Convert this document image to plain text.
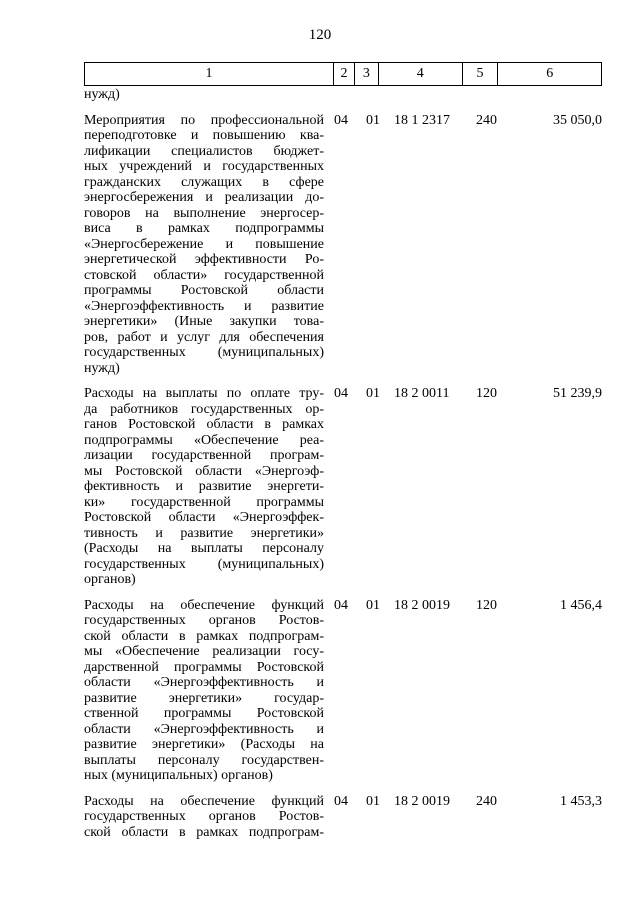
120
1	2	3	4	5	6
нужд)
Мероприятия по профессиональной
переподготовке и повышению ква-
лификации специалистов бюджет-
ных учреждений и государственных
гражданских служащих в сфере
энергосбережения и реализации до-
говоров на выполнение энергосер-
виса в рамках подпрограммы
«Энергосбережение и повышение
энергетической эффективности Ро-
стовской области» государственной
программы Ростовской области
«Энергоэффективность и развитие
энергетики» (Иные закупки това-
ров, работ и услуг для обеспечения
государственных (муниципальных)
нужд)
04	01	18 1 2317	240	35 050,0
Расходы на выплаты по оплате тру-
да работников государственных ор-
ганов Ростовской области в рамках
подпрограммы «Обеспечение реа-
лизации государственной програм-
мы Ростовской области «Энергоэф-
фективность и развитие энергети-
ки» государственной программы
Ростовской области «Энергоэффек-
тивность и развитие энергетики»
(Расходы на выплаты персоналу
государственных (муниципальных)
органов)
04	01	18 2 0011	120	51 239,9
Расходы на обеспечение функций
государственных органов Ростов-
ской области в рамках подпрограм-
мы «Обеспечение реализации госу-
дарственной программы Ростовской
области «Энергоэффективность и
развитие энергетики» государ-
ственной программы Ростовской
области «Энергоэффективность и
развитие энергетики» (Расходы на
выплаты персоналу государствен-
ных (муниципальных) органов)
04	01	18 2 0019	120	1 456,4
Расходы на обеспечение функций
государственных органов Ростов-
ской области в рамках подпрограм-
04	01	18 2 0019	240	1 453,3
